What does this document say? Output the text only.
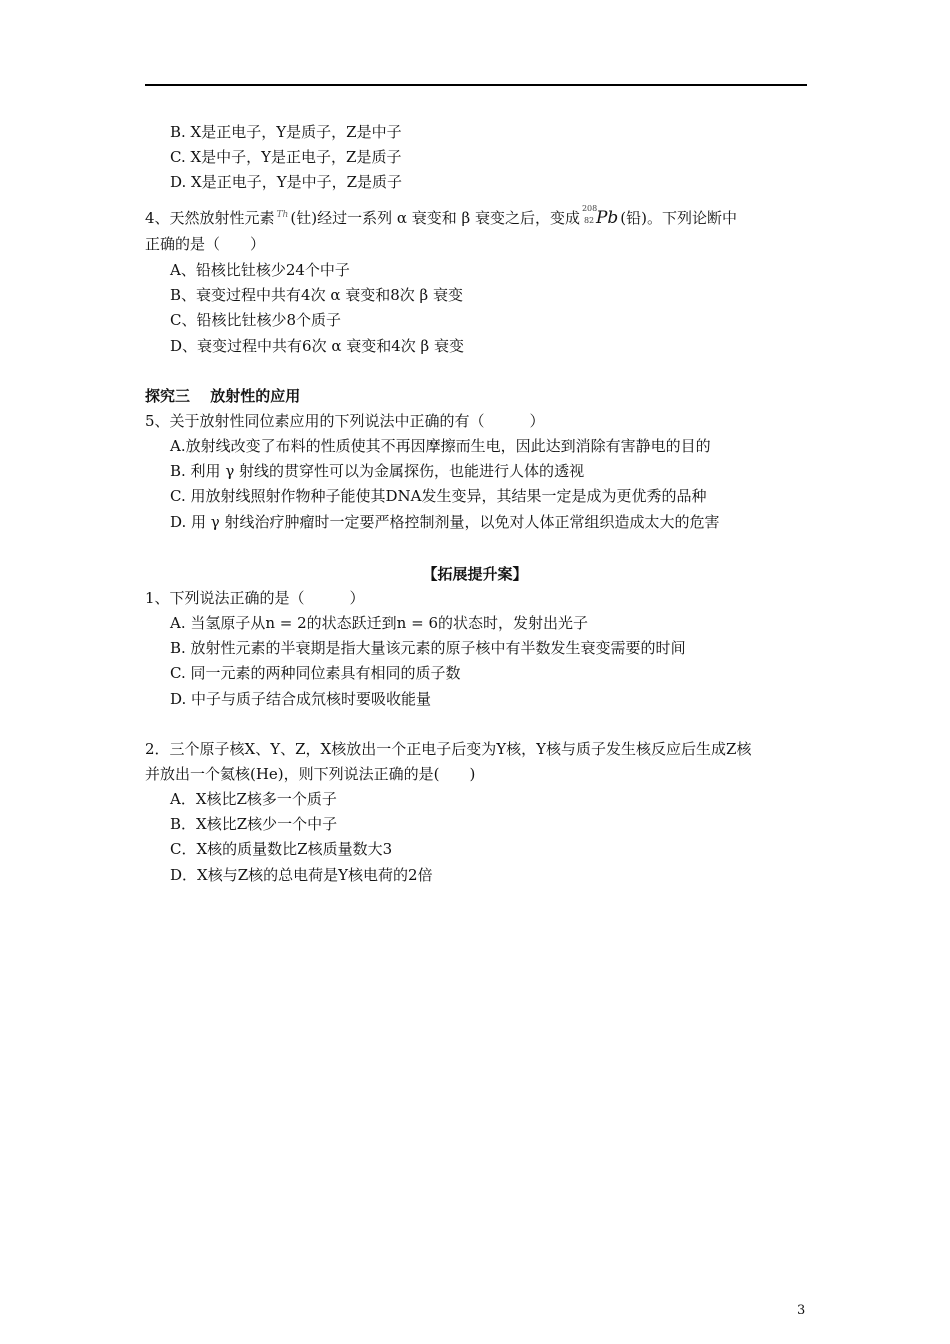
B. X是正电子，Y是质子，Z是中子
C. X是中子，Y是正电子，Z是质子
D. X是正电子，Y是中子，Z是质子
4、天然放射性元素 Th (钍)经过一系列 α 衰变和 β 衰变之后，变成
208
82 Pb (铅)。下列论断中
正确的是（　　）
A、铅核比钍核少24个中子
B、衰变过程中共有4次 α 衰变和8次 β 衰变
C、铅核比钍核少8个质子
D、衰变过程中共有6次 α 衰变和4次 β 衰变
探究三　 放射性的应用
5、关于放射性同位素应用的下列说法中正确的有（　　　）
A.放射线改变了布料的性质使其不再因摩擦而生电，因此达到消除有害静电的目的
B. 利用 γ 射线的贯穿性可以为金属探伤，也能进行人体的透视
C. 用放射线照射作物种子能使其DNA发生变异，其结果一定是成为更优秀的品种
D. 用 γ 射线治疗肿瘤时一定要严格控制剂量，以免对人体正常组织造成太大的危害
【拓展提升案】
1、下列说法正确的是（　　　）
A. 当氢原子从n = 2的状态跃迁到n = 6的状态时，发射出光子
B. 放射性元素的半衰期是指大量该元素的原子核中有半数发生衰变需要的时间
C. 同一元素的两种同位素具有相同的质子数
D. 中子与质子结合成氘核时要吸收能量
2．三个原子核X、Y、Z，X核放出一个正电子后变为Y核，Y核与质子发生核反应后生成Z核
并放出一个氦核(He)，则下列说法正确的是(　　)
A．X核比Z核多一个质子
B．X核比Z核少一个中子
C．X核的质量数比Z核质量数大3
D．X核与Z核的总电荷是Y核电荷的2倍
3
